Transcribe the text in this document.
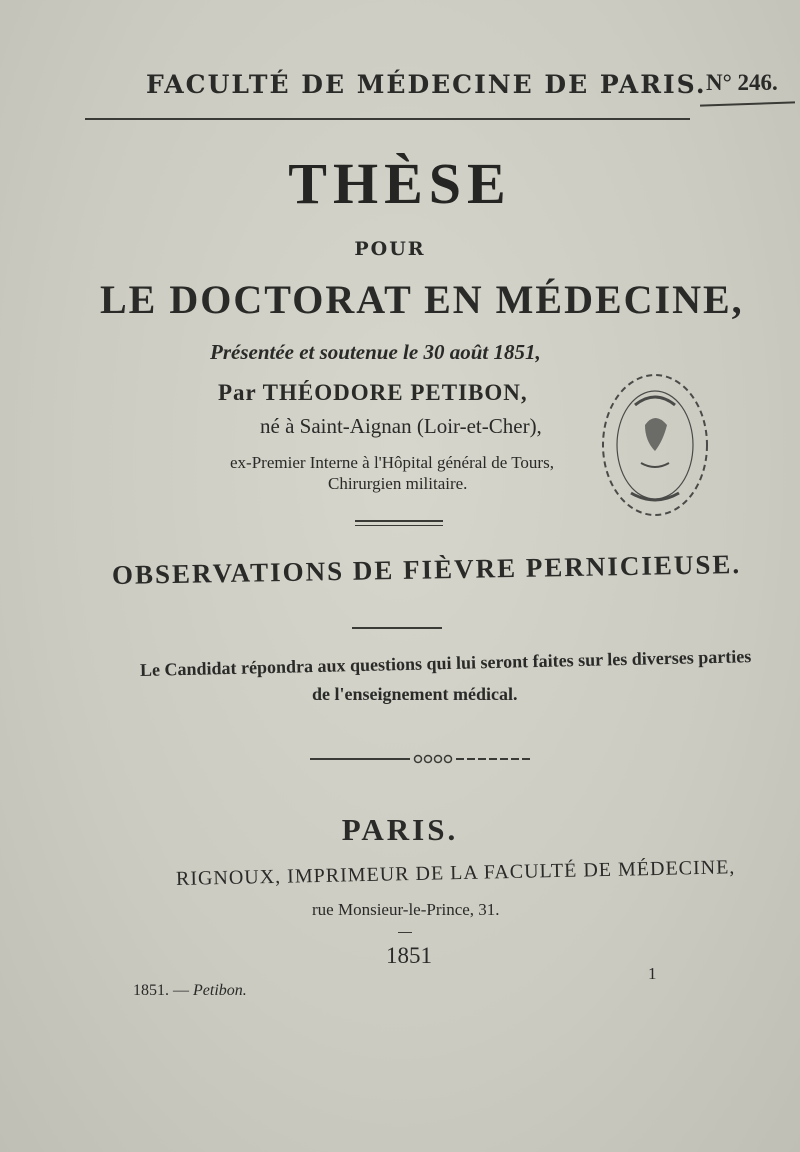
FACULTÉ DE MÉDECINE DE PARIS. N° 246.
THÈSE
POUR
LE DOCTORAT EN MÉDECINE,
Présentée et soutenue le 30 août 1851,
Par THÉODORE PETIBON,
né à Saint-Aignan (Loir-et-Cher),
ex-Premier Interne à l'Hôpital général de Tours,
Chirurgien militaire.
OBSERVATIONS DE FIÈVRE PERNICIEUSE.
Le Candidat répondra aux questions qui lui seront faites sur les diverses parties
de l'enseignement médical.
PARIS.
RIGNOUX, IMPRIMEUR DE LA FACULTÉ DE MÉDECINE,
rue Monsieur-le-Prince, 31.
1851
1851. — Petibon.
1
